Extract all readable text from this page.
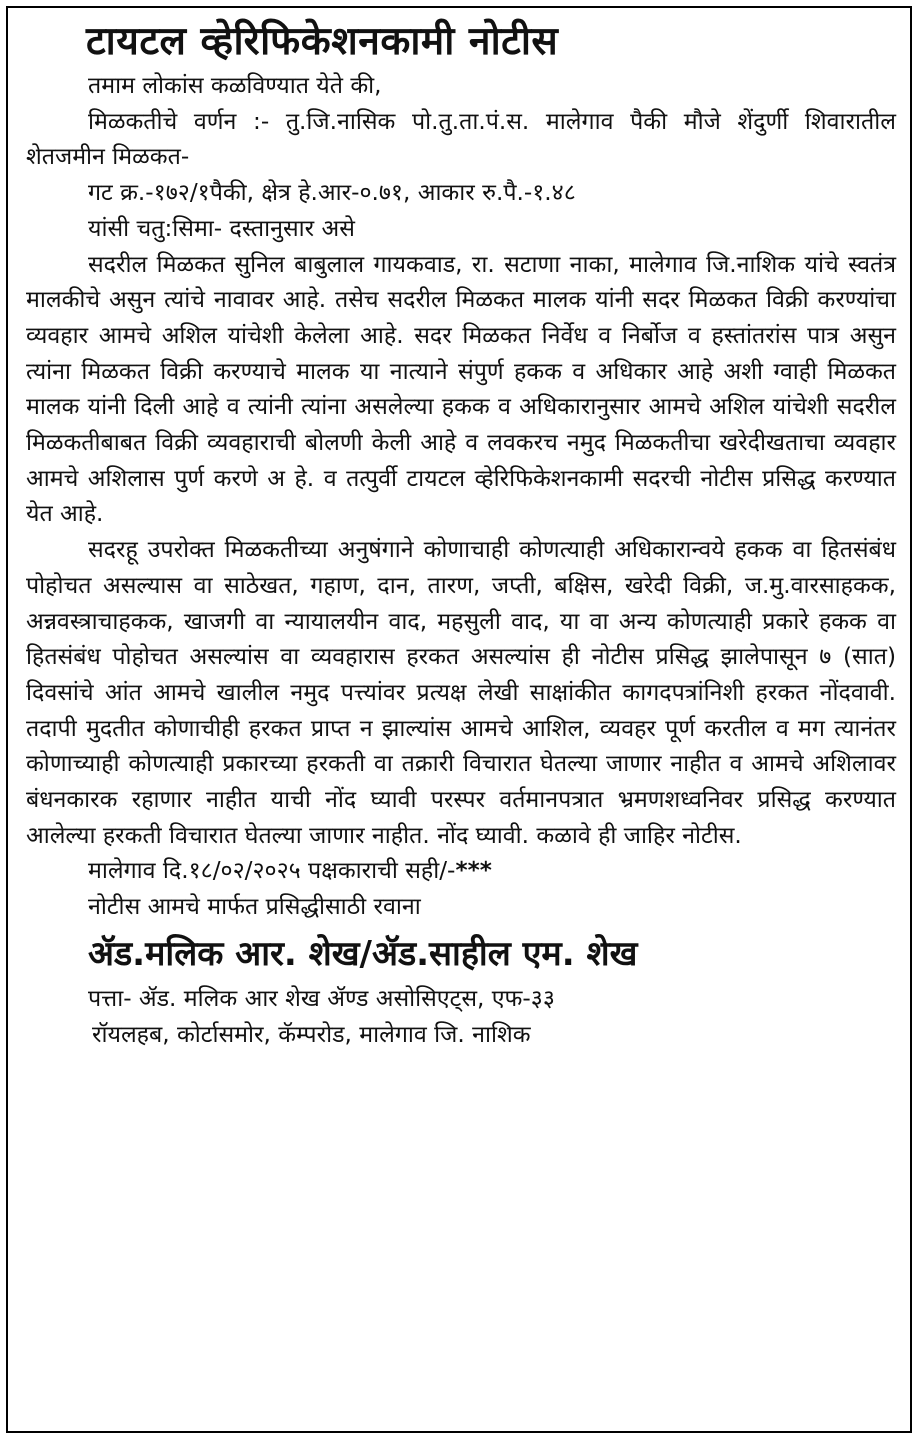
टायटल व्हेरिफिकेशनकामी नोटीस
तमाम लोकांस कळविण्यात येते की,

मिळकतीचे वर्णन :- तु.जि.नासिक पो.तु.ता.पं.स. मालेगाव पैकी मौजे शेंदुर्णी शिवारातील शेतजमीन मिळकत-

गट क्र.-१७२/१पैकी, क्षेत्र हे.आर-०.७१, आकार रु.पै.-१.४८
यांसी चतु:सिमा- दस्तानुसार असे

सदरील मिळकत सुनिल बाबुलाल गायकवाड, रा. सटाणा नाका, मालेगाव जि.नाशिक यांचे स्वतंत्र मालकीचे असुन त्यांचे नावावर आहे. तसेच सदरील मिळकत मालक यांनी सदर मिळकत विक्री करण्यांचा व्यवहार आमचे अशिल यांचेशी केलेला आहे. सदर मिळकत निर्वेध व निर्बोज व हस्तांतरांस पात्र असुन त्यांना मिळकत विक्री करण्याचे मालक या नात्याने संपुर्ण हकक व अधिकार आहे अशी ग्वाही मिळकत मालक यांनी दिली आहे व त्यांनी त्यांना असलेल्या हकक व अधिकारानुसार आमचे अशिल यांचेशी सदरील मिळकतीबाबत विक्री व्यवहाराची बोलणी केली आहे व लवकरच नमुद मिळकतीचा खरेदीखताचा व्यवहार आमचे अशिलास पुर्ण करणे अ हे. व तत्पुर्वी टायटल व्हेरिफिकेशनकामी सदरची नोटीस प्रसिद्ध करण्यात येत आहे.

सदरहू उपरोक्त मिळकतीच्या अनुषंगाने कोणाचाही कोणत्याही अधिकारान्वये हकक वा हितसंबंध पोहोचत असल्यास वा साठेखत, गहाण, दान, तारण, जप्ती, बक्षिस, खरेदी विक्री, ज.मु.वारसाहकक, अन्नवस्त्राचाहकक, खाजगी वा न्यायालयीन वाद, महसुली वाद, या वा अन्य कोणत्याही प्रकारे हकक वा हितसंबंध पोहोचत असल्यांस वा व्यवहारास हरकत असल्यांस ही नोटीस प्रसिद्ध झालेपासून ७ (सात) दिवसांचे आंत आमचे खालील नमुद पत्त्यांवर प्रत्यक्ष लेखी साक्षांकीत कागदपत्रांनिशी हरकत नोंदवावी. तदापी मुदतीत कोणाचीही हरकत प्राप्त न झाल्यांस आमचे आशिल, व्यवहर पूर्ण करतील व मग त्यानंतर कोणाच्याही कोणत्याही प्रकारच्या हरकती वा तक्रारी विचारात घेतल्या जाणार नाहीत व आमचे अशिलावर बंधनकारक रहाणार नाहीत याची नोंद घ्यावी परस्पर वर्तमानपत्रात भ्रमणशध्वनिवर प्रसिद्ध करण्यात आलेल्या हरकती विचारात घेतल्या जाणार नाहीत. नोंद घ्यावी. कळावे ही जाहिर नोटीस.

मालेगाव दि.१८/०२/२०२५ पक्षकाराची सही/-***
नोटीस आमचे मार्फत प्रसिद्धीसाठी रवाना
ॲड.मलिक आर. शेख/ॲड.साहील एम. शेख
पत्ता- ॲड. मलिक आर शेख ॲण्ड असोसिएट्स, एफ-३३
रॉयलहब, कोर्टासमोर, कॅम्परोड, मालेगाव जि. नाशिक
